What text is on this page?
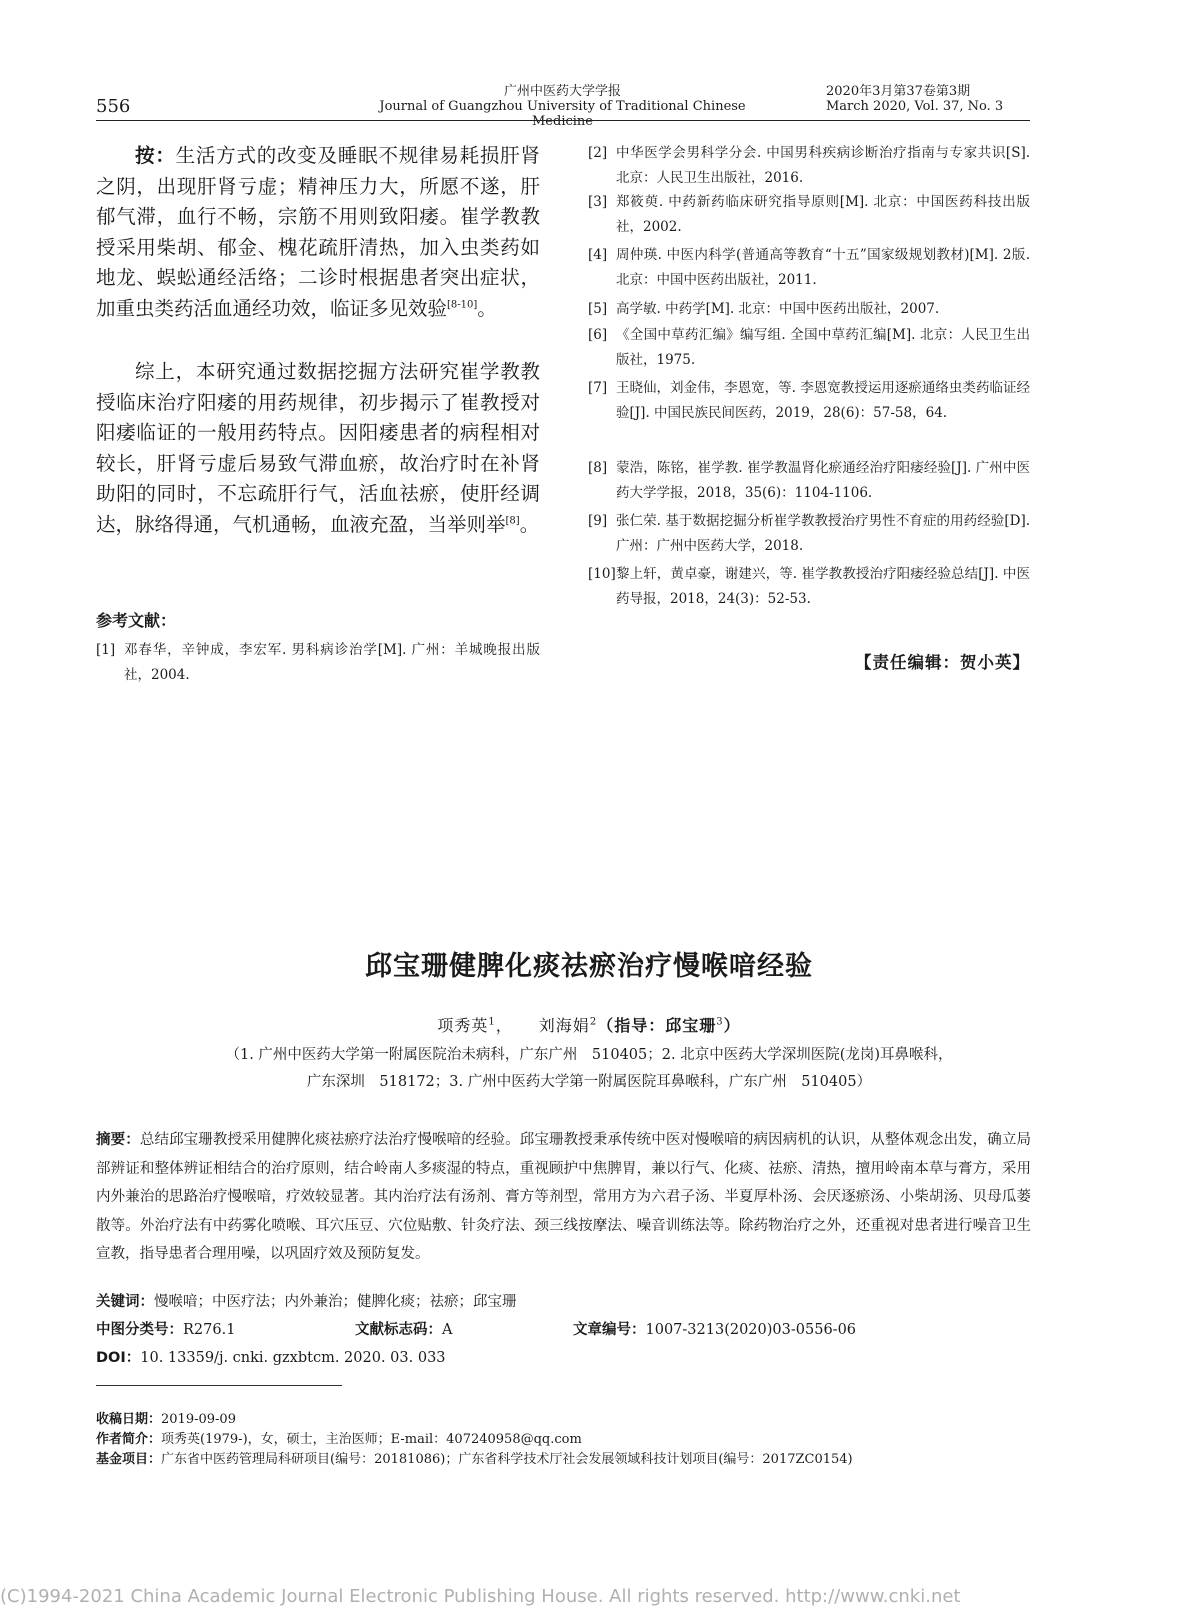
556
广州中医药大学学报
Journal of Guangzhou University of Traditional Chinese Medicine
2020年3月第37卷第3期
March 2020, Vol. 37, No. 3

按：生活方式的改变及睡眠不规律易耗损肝肾之阴，出现肝肾亏虚；精神压力大，所愿不遂，肝郁气滞，血行不畅，宗筋不用则致阳痿。崔学教教授采用柴胡、郁金、槐花疏肝清热，加入虫类药如地龙、蜈蚣通经活络；二诊时根据患者突出症状，加重虫类药活血通经功效，临证多见效验[8-10]。

综上，本研究通过数据挖掘方法研究崔学教教授临床治疗阳痿的用药规律，初步揭示了崔教授对阳痿临证的一般用药特点。因阳痿患者的病程相对较长，肝肾亏虚后易致气滞血瘀，故治疗时在补肾助阳的同时，不忘疏肝行气，活血祛瘀，使肝经调达，脉络得通，气机通畅，血液充盈，当举则举[8]。

参考文献：
[1] 邓春华，辛钟成，李宏军. 男科病诊治学[M]. 广州：羊城晚报出版社，2004.
[2] 中华医学会男科学分会. 中国男科疾病诊断治疗指南与专家共识[S]. 北京：人民卫生出版社，2016.
[3] 郑筱萸. 中药新药临床研究指导原则[M]. 北京：中国医药科技出版社，2002.
[4] 周仲瑛. 中医内科学(普通高等教育“十五”国家级规划教材)[M]. 2版. 北京：中国中医药出版社，2011.
[5] 高学敏. 中药学[M]. 北京：中国中医药出版社，2007.
[6] 《全国中草药汇编》编写组. 全国中草药汇编[M]. 北京：人民卫生出版社，1975.
[7] 王晓仙，刘金伟，李恩宽，等. 李恩宽教授运用逐瘀通络虫类药临证经验[J]. 中国民族民间医药，2019，28(6)：57-58，64.
[8] 蒙浩，陈铭，崔学教. 崔学教温肾化瘀通经治疗阳痿经验[J]. 广州中医药大学学报，2018，35(6)：1104-1106.
[9] 张仁荣. 基于数据挖掘分析崔学教教授治疗男性不育症的用药经验[D]. 广州：广州中医药大学，2018.
[10] 黎上轩，黄卓豪，谢建兴，等. 崔学教教授治疗阳痿经验总结[J]. 中医药导报，2018，24(3)：52-53.
【责任编辑：贺小英】
邱宝珊健脾化痰祛瘀治疗慢喉喑经验
项秀英$^1$，　　刘海娟$^2$（指导：邱宝珊$^3$）
（1. 广州中医药大学第一附属医院治未病科，广东广州　510405；2. 北京中医药大学深圳医院(龙岗)耳鼻喉科，
广东深圳　518172；3. 广州中医药大学第一附属医院耳鼻喉科，广东广州　510405）

摘要：总结邱宝珊教授采用健脾化痰祛瘀疗法治疗慢喉喑的经验。邱宝珊教授秉承传统中医对慢喉喑的病因病机的认识，从整体观念出发，确立局部辨证和整体辨证相结合的治疗原则，结合岭南人多痰湿的特点，重视顾护中焦脾胃，兼以行气、化痰、祛瘀、清热，擅用岭南本草与膏方，采用内外兼治的思路治疗慢喉喑，疗效较显著。其内治疗法有汤剂、膏方等剂型，常用方为六君子汤、半夏厚朴汤、会厌逐瘀汤、小柴胡汤、贝母瓜蒌散等。外治疗法有中药雾化喷喉、耳穴压豆、穴位贴敷、针灸疗法、颈三线按摩法、噪音训练法等。除药物治疗之外，还重视对患者进行噪音卫生宣教，指导患者合理用噪，以巩固疗效及预防复发。

关键词：慢喉喑；中医疗法；内外兼治；健脾化痰；祛瘀；邱宝珊
中图分类号：R276.1	文献标志码：A	文章编号：1007-3213(2020)03-0556-06
DOI：10. 13359/j. cnki. gzxbtcm. 2020. 03. 033
收稿日期：2019-09-09
作者简介：项秀英(1979-)，女，硕士，主治医师；E-mail：407240958@qq.com
基金项目：广东省中医药管理局科研项目(编号：20181086)；广东省科学技术厅社会发展领域科技计划项目(编号：2017ZC0154)
(C)1994-2021 China Academic Journal Electronic Publishing House. All rights reserved. http://www.cnki.net
